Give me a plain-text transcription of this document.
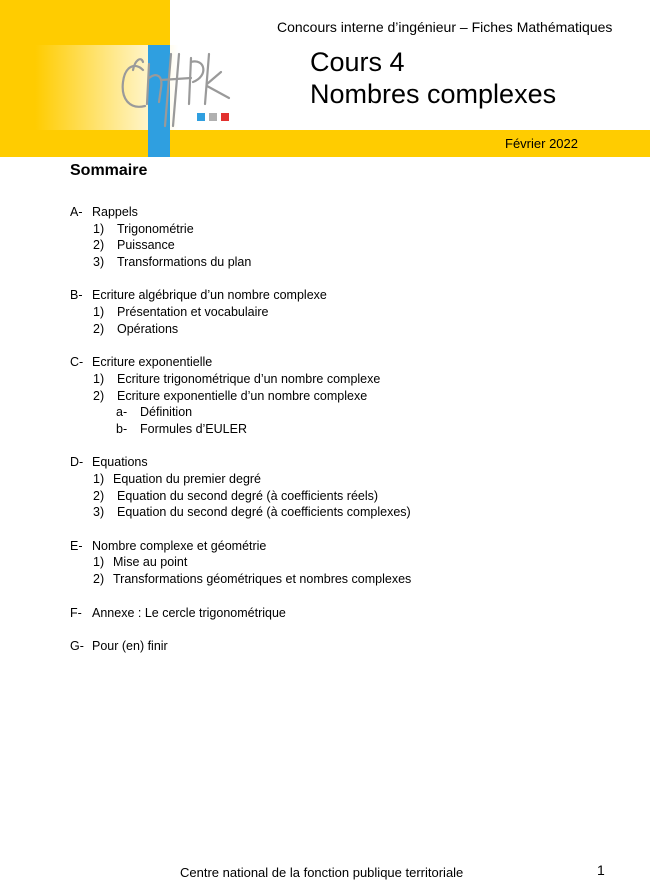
Concours interne d’ingénieur – Fiches Mathématiques
Cours 4
Nombres complexes
Février 2022
Sommaire
A- Rappels
1) Trigonométrie
2) Puissance
3) Transformations du plan
B- Ecriture algébrique d’un nombre complexe
1) Présentation et vocabulaire
2) Opérations
C- Ecriture exponentielle
1) Ecriture trigonométrique d’un nombre complexe
2) Ecriture exponentielle d’un nombre complexe
a- Définition
b- Formules d’EULER
D- Equations
1) Equation du premier degré
2) Equation du second degré (à coefficients réels)
3) Equation du second degré (à coefficients complexes)
E- Nombre complexe et géométrie
1) Mise au point
2) Transformations géométriques et nombres complexes
F- Annexe : Le cercle trigonométrique
G- Pour (en) finir
Centre national de la fonction publique territoriale	1
